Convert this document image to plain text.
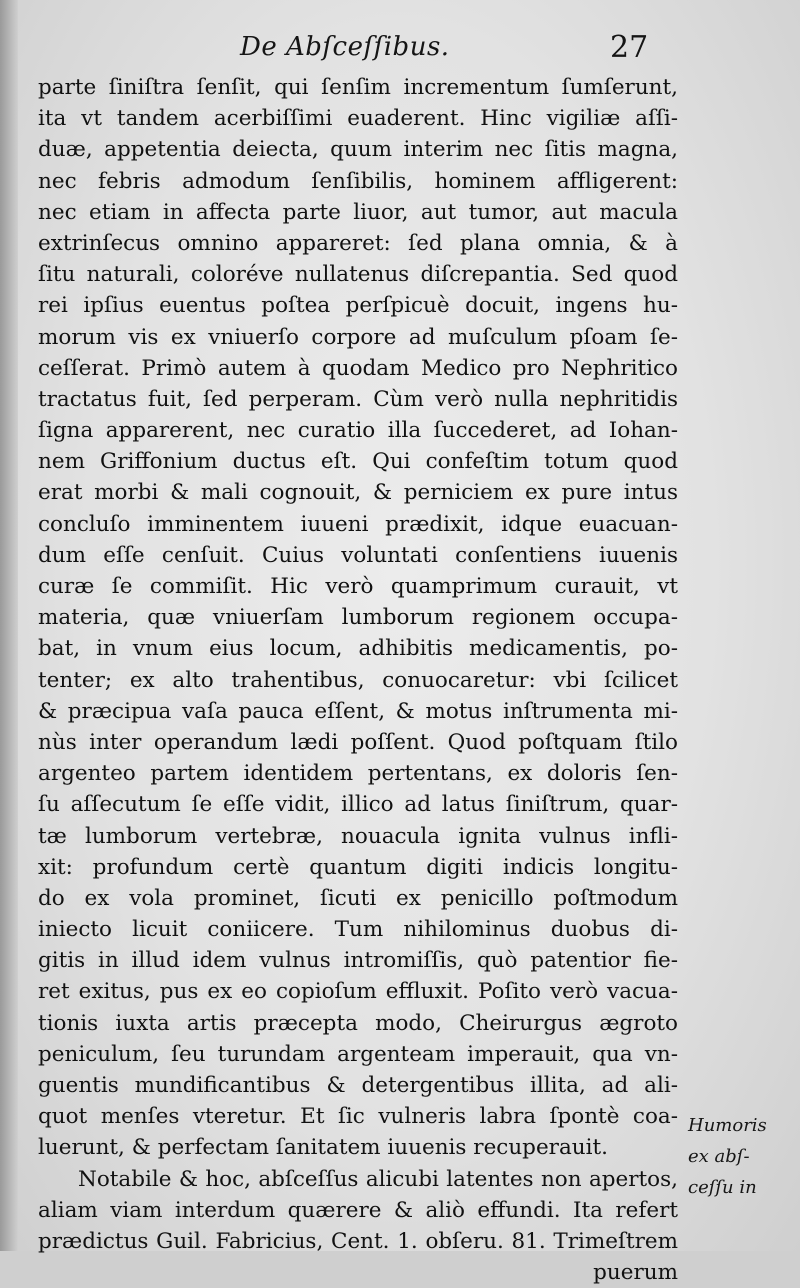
De Abſceſſibus.	27
parte ſiniſtra ſenſit, qui ſenſim incrementum ſumſerunt,
ita vt tandem acerbiſſimi euaderent. Hinc vigiliæ aſſi-
duæ, appetentia deiecta, quum interim nec ſitis magna,
nec febris admodum ſenſibilis, hominem affligerent:
nec etiam in affecta parte liuor, aut tumor, aut macula
extrinſecus omnino appareret: ſed plana omnia, & à
ſitu naturali, coloréve nullatenus diſcrepantia. Sed quod
rei ipſius euentus poſtea perſpicuè docuit, ingens hu-
morum vis ex vniuerſo corpore ad muſculum pſoam ſe-
ceſſerat. Primò autem à quodam Medico pro Nephritico
tractatus fuit, ſed perperam. Cùm verò nulla nephritidis
ſigna apparerent, nec curatio illa ſuccederet, ad Iohan-
nem Griffonium ductus eſt. Qui confeſtim totum quod
erat morbi & mali cognouit, & perniciem ex pure intus
concluſo imminentem iuueni prædixit, idque euacuan-
dum eſſe cenſuit. Cuius voluntati conſentiens iuuenis
curæ ſe commiſit. Hic verò quamprimum curauit, vt
materia, quæ vniuerſam lumborum regionem occupa-
bat, in vnum eius locum, adhibitis medicamentis, po-
tenter; ex alto trahentibus, conuocaretur: vbi ſcilicet
& præcipua vaſa pauca eſſent, & motus inſtrumenta mi-
nùs inter operandum lædi poſſent. Quod poſtquam ſtilo
argenteo partem identidem pertentans, ex doloris ſen-
ſu aſſecutum ſe eſſe vidit, illico ad latus ſiniſtrum, quar-
tæ lumborum vertebræ, nouacula ignita vulnus infli-
xit: profundum certè quantum digiti indicis longitu-
do ex vola prominet, ſicuti ex penicillo poſtmodum
iniecto licuit coniicere. Tum nihilominus duobus di-
gitis in illud idem vulnus intromiſſis, quò patentior fie-
ret exitus, pus ex eo copioſum effluxit. Poſito verò vacua-
tionis iuxta artis præcepta modo, Cheirurgus ægroto
peniculum, ſeu turundam argenteam imperauit, qua vn-
guentis mundificantibus & detergentibus illita, ad ali-
quot menſes vteretur. Et ſic vulneris labra ſpontè coa-
luerunt, & perfectam ſanitatem iuuenis recuperauit.
Notabile & hoc, abſceſſus alicubi latentes non apertos,
aliam viam interdum quærere & aliò effundi. Ita refert
prædictus Guil. Fabricius, Cent. 1. obſeru. 81. Trimeſtrem
puerum
Humoris
ex abſ-
ceſſu in
